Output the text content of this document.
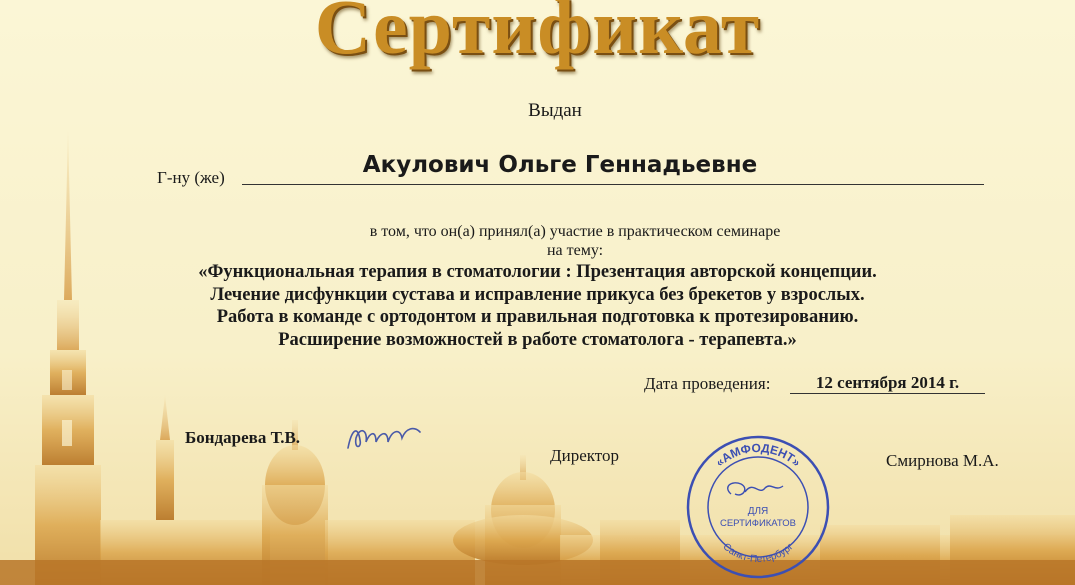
Сертификат
Выдан
Г-ну (же)	Акулович Ольге Геннадьевне
в том, что он(а) принял(а) участие в практическом семинаре
на тему:
«Функциональная терапия в стоматологии : Презентация авторской концепции.
Лечение дисфункции сустава и исправление прикуса без брекетов у взрослых.
Работа в команде с ортодонтом и правильная подготовка к протезированию.
Расширение возможностей в работе стоматолога - терапевта.»
Дата проведения:	12 сентября 2014 г.
Бондарева Т.В.
Директор	Смирнова М.А.
«АМФОДЕНТ»
Санкт-Петербург
ДЛЯ
СЕРТИФИКАТОВ
